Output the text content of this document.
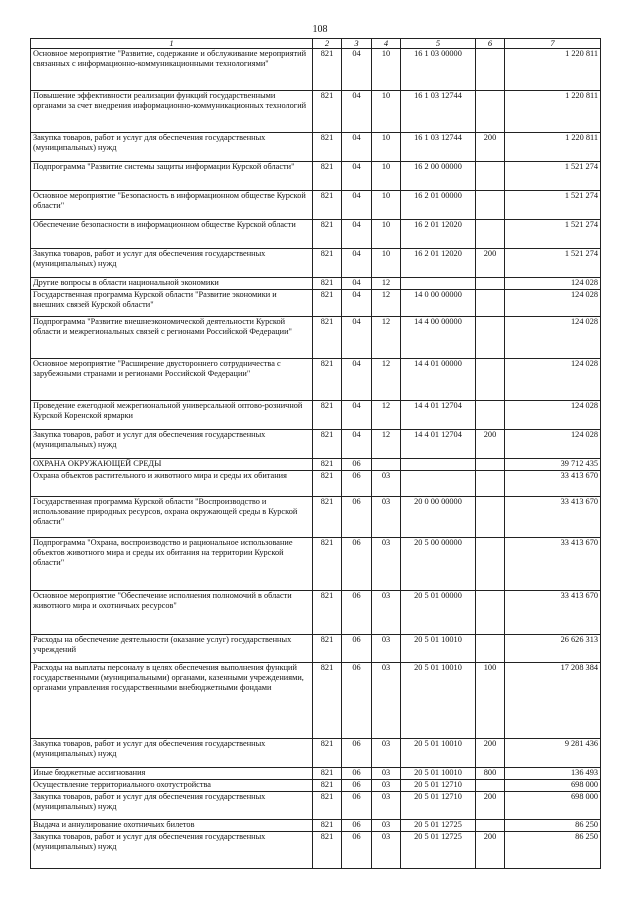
108
1	2	3	4	5	6	7
Основное мероприятие "Развитие, содержание и обслуживание мероприятий связанных с информационно-коммуникационными технологиями"	821	04	10	16 1 03 00000		1 220 811
Повышение эффективности реализации функций государственными органами за счет внедрения информационно-коммуникационных технологий	821	04	10	16 1 03 12744		1 220 811
Закупка товаров, работ и услуг для обеспечения государственных (муниципальных) нужд	821	04	10	16 1 03 12744	200	1 220 811
Подпрограмма "Развитие системы защиты информации Курской области"	821	04	10	16 2 00 00000		1 521 274
Основное мероприятие "Безопасность в информационном обществе Курской области"	821	04	10	16 2 01 00000		1 521 274
Обеспечение безопасности в информационном обществе Курской области	821	04	10	16 2 01 12020		1 521 274
Закупка товаров, работ и услуг для обеспечения государственных (муниципальных) нужд	821	04	10	16 2 01 12020	200	1 521 274
Другие вопросы в области национальной экономики	821	04	12			124 028
Государственная программа Курской области "Развитие экономики и внешних связей Курской области"	821	04	12	14 0 00 00000		124 028
Подпрограмма "Развитие внешнеэкономической деятельности Курской области и межрегиональных связей с регионами Российской Федерации"	821	04	12	14 4 00 00000		124 028
Основное мероприятие "Расширение двустороннего сотрудничества с зарубежными странами и регионами Российской Федерации"	821	04	12	14 4 01 00000		124 028
Проведение ежегодной межрегиональной универсальной оптово-розничной Курской Коренской ярмарки	821	04	12	14 4 01 12704		124 028
Закупка товаров, работ и услуг для обеспечения государственных (муниципальных) нужд	821	04	12	14 4 01 12704	200	124 028
ОХРАНА ОКРУЖАЮЩЕЙ СРЕДЫ	821	06				39 712 435
Охрана объектов растительного и животного мира и среды их обитания	821	06	03			33 413 670
Государственная программа Курской области "Воспроизводство и использование природных ресурсов, охрана окружающей среды в Курской области"	821	06	03	20 0 00 00000		33 413 670
Подпрограмма "Охрана, воспроизводство и рациональное использование объектов животного мира и среды их обитания на территории Курской области"	821	06	03	20 5 00 00000		33 413 670
Основное мероприятие "Обеспечение исполнения полномочий в области животного мира и охотничьих ресурсов"	821	06	03	20 5 01 00000		33 413 670
Расходы на обеспечение деятельности (оказание услуг) государственных учреждений	821	06	03	20 5 01 10010		26 626 313
Расходы на выплаты персоналу в целях обеспечения выполнения функций государственными (муниципальными) органами, казенными учреждениями, органами управления государственными внебюджетными фондами	821	06	03	20 5 01 10010	100	17 208 384
Закупка товаров, работ и услуг для обеспечения государственных (муниципальных) нужд	821	06	03	20 5 01 10010	200	9 281 436
Иные бюджетные ассигнования	821	06	03	20 5 01 10010	800	136 493
Осуществление территориального охотустройства	821	06	03	20 5 01 12710		698 000
Закупка товаров, работ и услуг для обеспечения государственных (муниципальных) нужд	821	06	03	20 5 01 12710	200	698 000
Выдача и аннулирование охотничьих билетов	821	06	03	20 5 01 12725		86 250
Закупка товаров, работ и услуг для обеспечения государственных (муниципальных) нужд	821	06	03	20 5 01 12725	200	86 250
